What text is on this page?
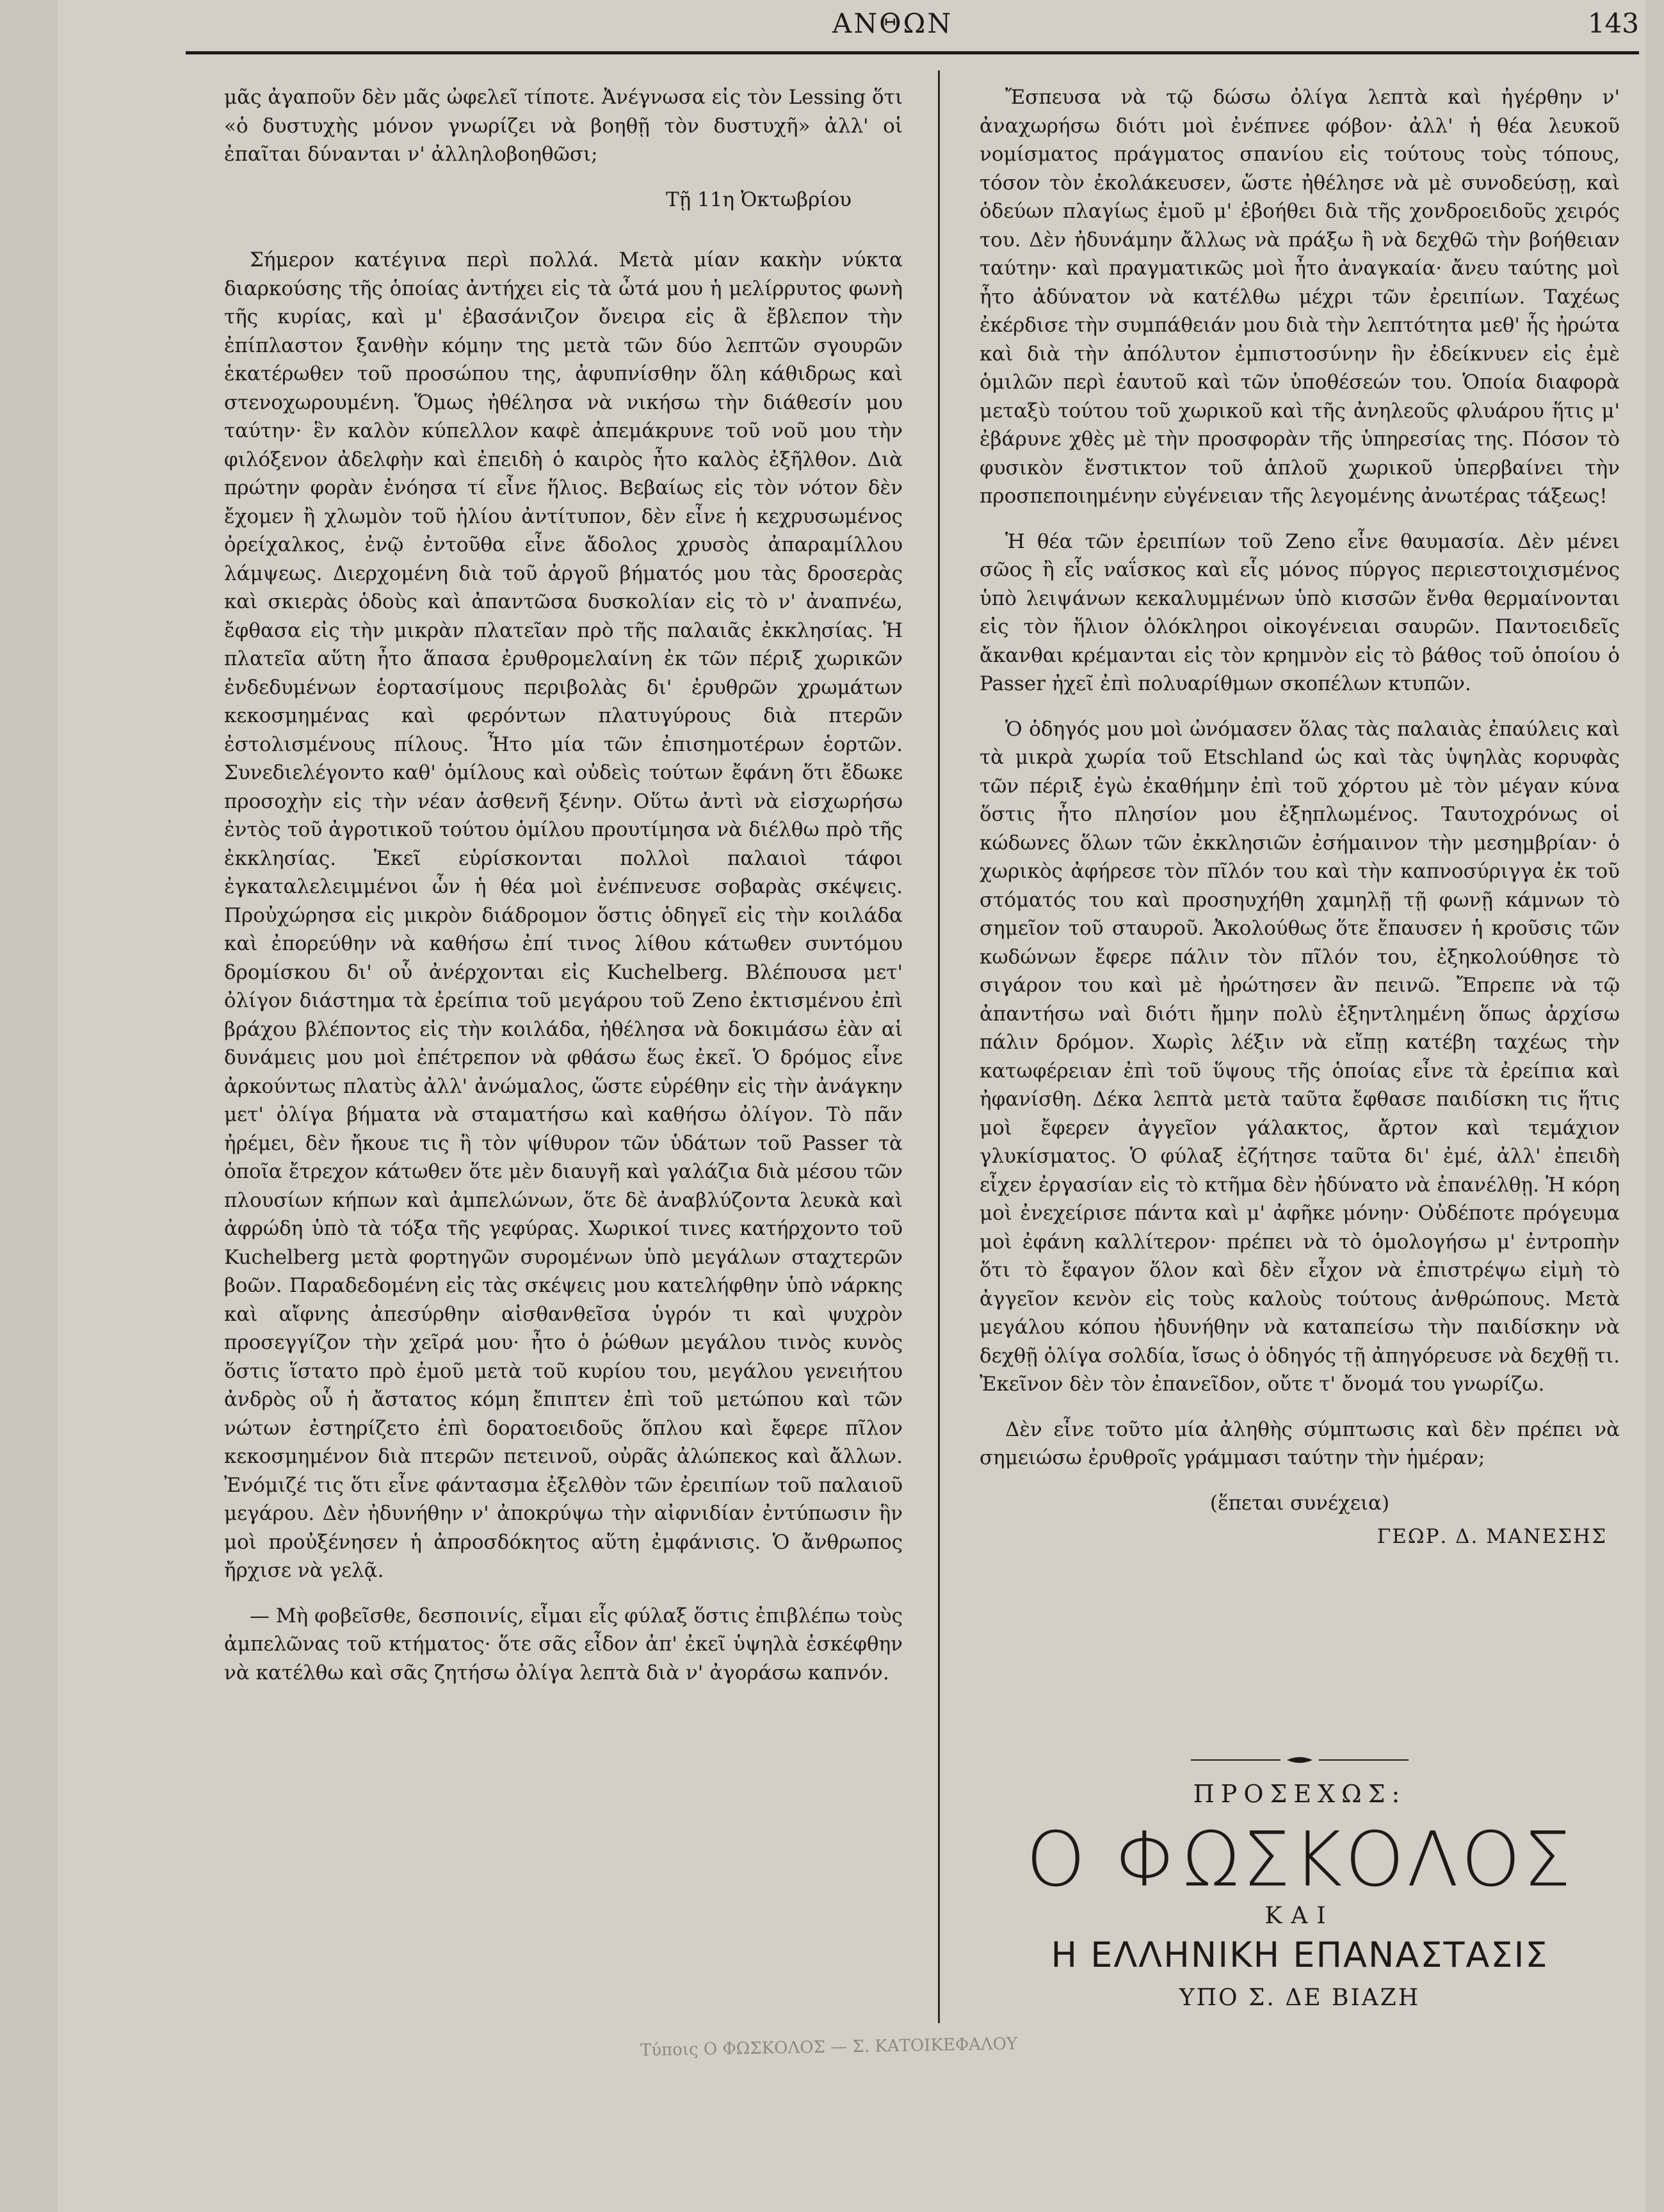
ΑΝΘΩΝ	143

μᾶς ἀγαποῦν δὲν μᾶς ὠφελεῖ τίποτε. Ἀνέγνωσα εἰς τὸν Lessing ὅτι «ὁ δυστυχὴς μόνον γνωρίζει νὰ βοηθῇ τὸν δυστυχῆ» ἀλλ' οἱ ἐπαῖται δύνανται ν' ἀλληλοβοηθῶσι;

Τῇ 11η Ὀκτωβρίου

Σήμερον κατέγινα περὶ πολλά. Μετὰ μίαν κακὴν νύκτα διαρκούσης τῆς ὁποίας ἀντήχει εἰς τὰ ὦτά μου ἡ μελίρρυτος φωνὴ τῆς κυρίας, καὶ μ' ἐβασάνιζον ὄνειρα εἰς ἃ ἔβλεπον τὴν ἐπίπλαστον ξανθὴν κόμην της μετὰ τῶν δύο λεπτῶν σγουρῶν ἑκατέρωθεν τοῦ προσώπου της, ἀφυπνίσθην ὅλη κάθιδρως καὶ στενοχωρουμένη. Ὅμως ἠθέλησα νὰ νικήσω τὴν διάθεσίν μου ταύτην· ἓν καλὸν κύπελλον καφὲ ἀπεμάκρυνε τοῦ νοῦ μου τὴν φιλόξενον ἀδελφὴν καὶ ἐπειδὴ ὁ καιρὸς ἦτο καλὸς ἐξῆλθον. Διὰ πρώτην φορὰν ἐνόησα τί εἶνε ἥλιος. Βεβαίως εἰς τὸν νότον δὲν ἔχομεν ἢ χλωμὸν τοῦ ἡλίου ἀντίτυπον, δὲν εἶνε ἡ κεχρυσωμένος ὀρείχαλκος, ἐνῷ ἐντοῦθα εἶνε ἄδολος χρυσὸς ἀπαραμίλλου λάμψεως. Διερχομένη διὰ τοῦ ἀργοῦ βήματός μου τὰς δροσερὰς καὶ σκιερὰς ὁδοὺς καὶ ἀπαντῶσα δυσκολίαν εἰς τὸ ν' ἀναπνέω, ἔφθασα εἰς τὴν μικρὰν πλατεῖαν πρὸ τῆς παλαιᾶς ἐκκλησίας. Ἡ πλατεῖα αὕτη ἦτο ἅπασα ἐρυθρομελαίνη ἐκ τῶν πέριξ χωρικῶν ἐνδεδυμένων ἑορτασίμους περιβολὰς δι' ἐρυθρῶν χρωμάτων κεκοσμημένας καὶ φερόντων πλατυγύρους διὰ πτερῶν ἐστολισμένους πίλους. Ἦτο μία τῶν ἐπισημοτέρων ἑορτῶν. Συνεδιελέγοντο καθ' ὁμίλους καὶ οὐδεὶς τούτων ἔφάνη ὅτι ἔδωκε προσοχὴν εἰς τὴν νέαν ἀσθενῆ ξένην. Οὕτω ἀντὶ νὰ εἰσχωρήσω ἐντὸς τοῦ ἀγροτικοῦ τούτου ὁμίλου προυτίμησα νὰ διέλθω πρὸ τῆς ἐκκλησίας. Ἐκεῖ εὑρίσκονται πολλοὶ παλαιοὶ τάφοι ἐγκαταλελειμμένοι ὧν ἡ θέα μοὶ ἐνέπνευσε σοβαρὰς σκέψεις. Προὐχώρησα εἰς μικρὸν διάδρομον ὅστις ὁδηγεῖ εἰς τὴν κοιλάδα καὶ ἐπορεύθην νὰ καθήσω ἐπί τινος λίθου κάτωθεν συντόμου δρομίσκου δι' οὗ ἀνέρχονται εἰς Kuchelberg. Βλέπουσα μετ' ὀλίγον διάστημα τὰ ἐρείπια τοῦ μεγάρου τοῦ Zeno ἐκτισμένου ἐπὶ βράχου βλέποντος εἰς τὴν κοιλάδα, ἠθέλησα νὰ δοκιμάσω ἐὰν αἱ δυνάμεις μου μοὶ ἐπέτρεπον νὰ φθάσω ἕως ἐκεῖ. Ὁ δρόμος εἶνε ἀρκούντως πλατὺς ἀλλ' ἀνώμαλος, ὥστε εὑρέθην εἰς τὴν ἀνάγκην μετ' ὀλίγα βήματα νὰ σταματήσω καὶ καθήσω ὀλίγον. Τὸ πᾶν ἠρέμει, δὲν ἤκουε τις ἢ τὸν ψίθυρον τῶν ὑδάτων τοῦ Passer τὰ ὁποῖα ἔτρεχον κάτωθεν ὅτε μὲν διαυγῆ καὶ γαλάζια διὰ μέσου τῶν πλουσίων κήπων καὶ ἀμπελώνων, ὅτε δὲ ἀναβλύζοντα λευκὰ καὶ ἀφρώδη ὑπὸ τὰ τόξα τῆς γεφύρας. Χωρικοί τινες κατήρχοντο τοῦ Kuchelberg μετὰ φορτηγῶν συρομένων ὑπὸ μεγάλων σταχτερῶν βοῶν. Παραδεδομένη εἰς τὰς σκέψεις μου κατελήφθην ὑπὸ νάρκης καὶ αἴφνης ἀπεσύρθην αἰσθανθεῖσα ὑγρόν τι καὶ ψυχρὸν προσεγγίζον τὴν χεῖρά μου· ἦτο ὁ ῥώθων μεγάλου τινὸς κυνὸς ὅστις ἵστατο πρὸ ἐμοῦ μετὰ τοῦ κυρίου του, μεγάλου γενειήτου ἀνδρὸς οὗ ἡ ἄστατος κόμη ἔπιπτεν ἐπὶ τοῦ μετώπου καὶ τῶν νώτων ἐστηρίζετο ἐπὶ δορατοειδοῦς ὅπλου καὶ ἔφερε πῖλον κεκοσμημένον διὰ πτερῶν πετεινοῦ, οὐρᾶς ἀλώπεκος καὶ ἄλλων. Ἐνόμιζέ τις ὅτι εἶνε φάντασμα ἐξελθὸν τῶν ἐρειπίων τοῦ παλαιοῦ μεγάρου. Δὲν ἠδυνήθην ν' ἀποκρύψω τὴν αἰφνιδίαν ἐντύπωσιν ἣν μοὶ προὐξένησεν ἡ ἀπροσδόκητος αὕτη ἐμφάνισις. Ὁ ἄνθρωπος ἤρχισε νὰ γελᾷ.

— Μὴ φοβεῖσθε, δεσποινίς, εἶμαι εἷς φύλαξ ὅστις ἐπιβλέπω τοὺς ἀμπελῶνας τοῦ κτήματος· ὅτε σᾶς εἶδον ἀπ' ἐκεῖ ὑψηλὰ ἐσκέφθην νὰ κατέλθω καὶ σᾶς ζητήσω ὀλίγα λεπτὰ διὰ ν' ἀγοράσω καπνόν.

Ἔσπευσα νὰ τῷ δώσω ὀλίγα λεπτὰ καὶ ἠγέρθην ν' ἀναχωρήσω διότι μοὶ ἐνέπνεε φόβον· ἀλλ' ἡ θέα λευκοῦ νομίσματος πράγματος σπανίου εἰς τούτους τοὺς τόπους, τόσον τὸν ἐκολάκευσεν, ὥστε ἠθέλησε νὰ μὲ συνοδεύσῃ, καὶ ὁδεύων πλαγίως ἐμοῦ μ' ἐβοήθει διὰ τῆς χονδροειδοῦς χειρός του. Δὲν ἠδυνάμην ἄλλως νὰ πράξω ἢ νὰ δεχθῶ τὴν βοήθειαν ταύτην· καὶ πραγματικῶς μοὶ ἦτο ἀναγκαία· ἄνευ ταύτης μοὶ ἦτο ἀδύνατον νὰ κατέλθω μέχρι τῶν ἐρειπίων. Ταχέως ἐκέρδισε τὴν συμπάθειάν μου διὰ τὴν λεπτότητα μεθ' ἧς ἠρώτα καὶ διὰ τὴν ἀπόλυτον ἐμπιστοσύνην ἣν ἐδείκνυεν εἰς ἐμὲ ὁμιλῶν περὶ ἑαυτοῦ καὶ τῶν ὑποθέσεών του. Ὁποία διαφορὰ μεταξὺ τούτου τοῦ χωρικοῦ καὶ τῆς ἀνηλεοῦς φλυάρου ἥτις μ' ἐβάρυνε χθὲς μὲ τὴν προσφορὰν τῆς ὑπηρεσίας της. Πόσον τὸ φυσικὸν ἔνστικτον τοῦ ἁπλοῦ χωρικοῦ ὑπερβαίνει τὴν προσπεποιημένην εὐγένειαν τῆς λεγομένης ἀνωτέρας τάξεως!

Ἡ θέα τῶν ἐρειπίων τοῦ Zeno εἶνε θαυμασία. Δὲν μένει σῶος ἢ εἷς ναΐσκος καὶ εἷς μόνος πύργος περιεστοιχισμένος ὑπὸ λειψάνων κεκαλυμμένων ὑπὸ κισσῶν ἔνθα θερμαίνονται εἰς τὸν ἥλιον ὁλόκληροι οἰκογένειαι σαυρῶν. Παντοειδεῖς ἄκανθαι κρέμανται εἰς τὸν κρημνὸν εἰς τὸ βάθος τοῦ ὁποίου ὁ Passer ἠχεῖ ἐπὶ πολυαρίθμων σκοπέλων κτυπῶν.

Ὁ ὁδηγός μου μοὶ ὠνόμασεν ὅλας τὰς παλαιὰς ἐπαύλεις καὶ τὰ μικρὰ χωρία τοῦ Etschland ὡς καὶ τὰς ὑψηλὰς κορυφὰς τῶν πέριξ ἐγὼ ἐκαθήμην ἐπὶ τοῦ χόρτου μὲ τὸν μέγαν κύνα ὅστις ἦτο πλησίον μου ἐξηπλωμένος. Ταυτοχρόνως οἱ κώδωνες ὅλων τῶν ἐκκλησιῶν ἐσήμαινον τὴν μεσημβρίαν· ὁ χωρικὸς ἀφήρεσε τὸν πῖλόν του καὶ τὴν καπνοσύριγγα ἐκ τοῦ στόματός του καὶ προσηυχήθη χαμηλῇ τῇ φωνῇ κάμνων τὸ σημεῖον τοῦ σταυροῦ. Ἀκολούθως ὅτε ἔπαυσεν ἡ κροῦσις τῶν κωδώνων ἔφερε πάλιν τὸν πῖλόν του, ἐξηκολούθησε τὸ σιγάρον του καὶ μὲ ἠρώτησεν ἂν πεινῶ. Ἔπρεπε νὰ τῷ ἀπαντήσω ναὶ διότι ἤμην πολὺ ἐξηντλημένη ὅπως ἀρχίσω πάλιν δρόμον. Χωρὶς λέξιν νὰ εἴπῃ κατέβη ταχέως τὴν κατωφέρειαν ἐπὶ τοῦ ὕψους τῆς ὁποίας εἶνε τὰ ἐρείπια καὶ ἠφανίσθη. Δέκα λεπτὰ μετὰ ταῦτα ἔφθασε παιδίσκη τις ἥτις μοὶ ἔφερεν ἀγγεῖον γάλακτος, ἄρτον καὶ τεμάχιον γλυκίσματος. Ὁ φύλαξ ἐζήτησε ταῦτα δι' ἐμέ, ἀλλ' ἐπειδὴ εἶχεν ἐργασίαν εἰς τὸ κτῆμα δὲν ἠδύνατο νὰ ἐπανέλθῃ. Ἡ κόρη μοὶ ἐνεχείρισε πάντα καὶ μ' ἀφῆκε μόνην· Οὐδέποτε πρόγευμα μοὶ ἐφάνη καλλίτερον· πρέπει νὰ τὸ ὁμολογήσω μ' ἐντροπὴν ὅτι τὸ ἔφαγον ὅλον καὶ δὲν εἶχον νὰ ἐπιστρέψω εἰμὴ τὸ ἀγγεῖον κενὸν εἰς τοὺς καλοὺς τούτους ἀνθρώπους. Μετὰ μεγάλου κόπου ἠδυνήθην νὰ καταπείσω τὴν παιδίσκην νὰ δεχθῇ ὀλίγα σολδία, ἴσως ὁ ὁδηγός τῇ ἀπηγόρευσε νὰ δεχθῇ τι. Ἐκεῖνον δὲν τὸν ἐπανεῖδον, οὔτε τ' ὄνομά του γνωρίζω.

Δὲν εἶνε τοῦτο μία ἀληθὴς σύμπτωσις καὶ δὲν πρέπει νὰ σημειώσω ἐρυθροῖς γράμμασι ταύτην τὴν ἡμέραν;

(ἕπεται συνέχεια)
ΓΕΩΡ. Δ. ΜΑΝΕΣΗΣ
ΠΡΟΣΕΧΩΣ:
Ο ΦΩΣΚΟΛΟΣ
ΚΑΙ
Η ΕΛΛΗΝΙΚΗ ΕΠΑΝΑΣΤΑΣΙΣ
ΥΠΟ Σ. ΔΕ ΒΙΑΖΗ
Τύποις Ο ΦΩΣΚΟΛΟΣ — Σ. ΚΑΤΟΙΚΕΦΑΛΟΥ
